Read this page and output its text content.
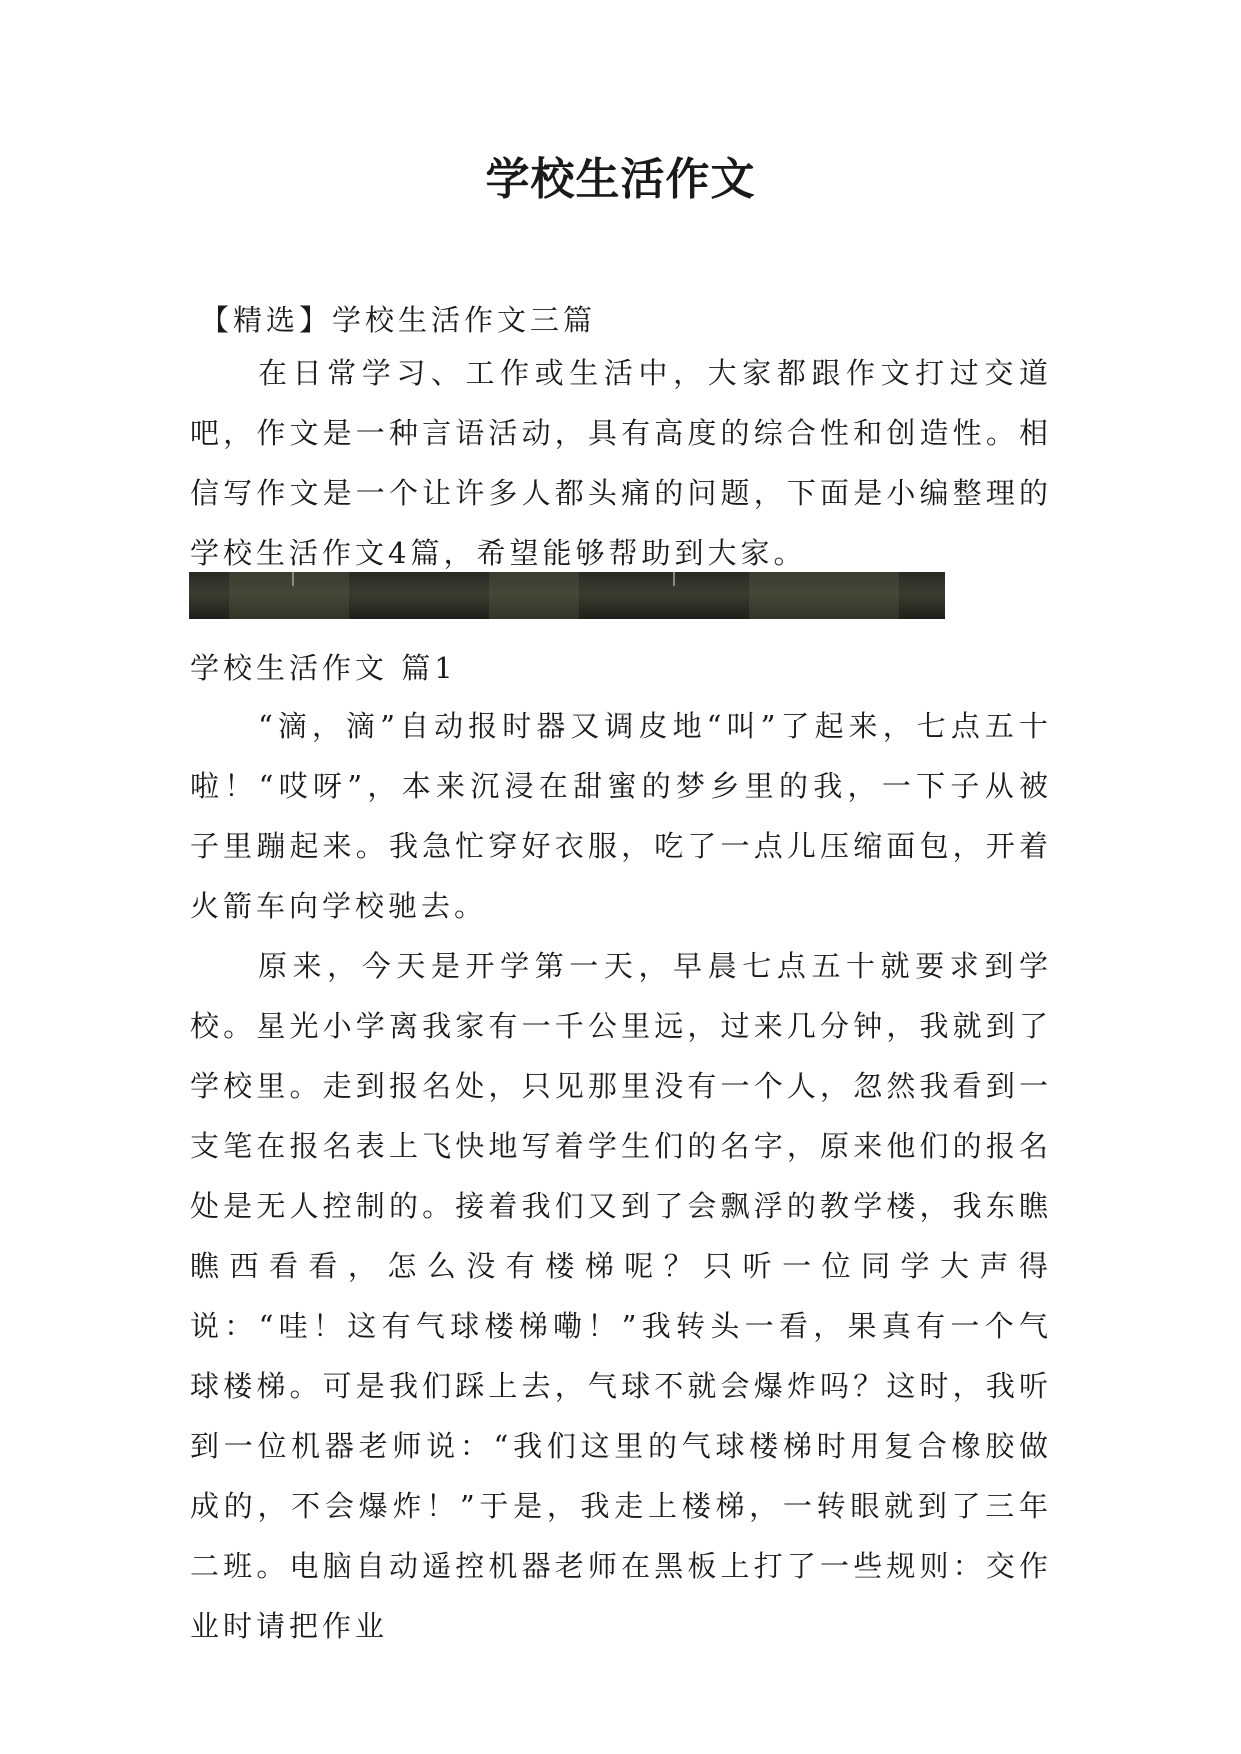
学校生活作文

【精选】学校生活作文三篇

在日常学习、工作或生活中，大家都跟作文打过交道吧，作文是一种言语活动，具有高度的综合性和创造性。相信写作文是一个让许多人都头痛的问题，下面是小编整理的学校生活作文4篇，希望能够帮助到大家。

学校生活作文 篇1

“滴，滴”自动报时器又调皮地“叫”了起来，七点五十啦！“哎呀”，本来沉浸在甜蜜的梦乡里的我，一下子从被子里蹦起来。我急忙穿好衣服，吃了一点儿压缩面包，开着火箭车向学校驰去。

原来，今天是开学第一天，早晨七点五十就要求到学校。星光小学离我家有一千公里远，过来几分钟，我就到了学校里。走到报名处，只见那里没有一个人，忽然我看到一支笔在报名表上飞快地写着学生们的名字，原来他们的报名处是无人控制的。接着我们又到了会飘浮的教学楼，我东瞧瞧西看看，怎么没有楼梯呢？只听一位同学大声得说：“哇！这有气球楼梯嘞！”我转头一看，果真有一个气球楼梯。可是我们踩上去，气球不就会爆炸吗？这时，我听到一位机器老师说：“我们这里的气球楼梯时用复合橡胶做成的，不会爆炸！”于是，我走上楼梯，一转眼就到了三年二班。电脑自动遥控机器老师在黑板上打了一些规则：交作业时请把作业
